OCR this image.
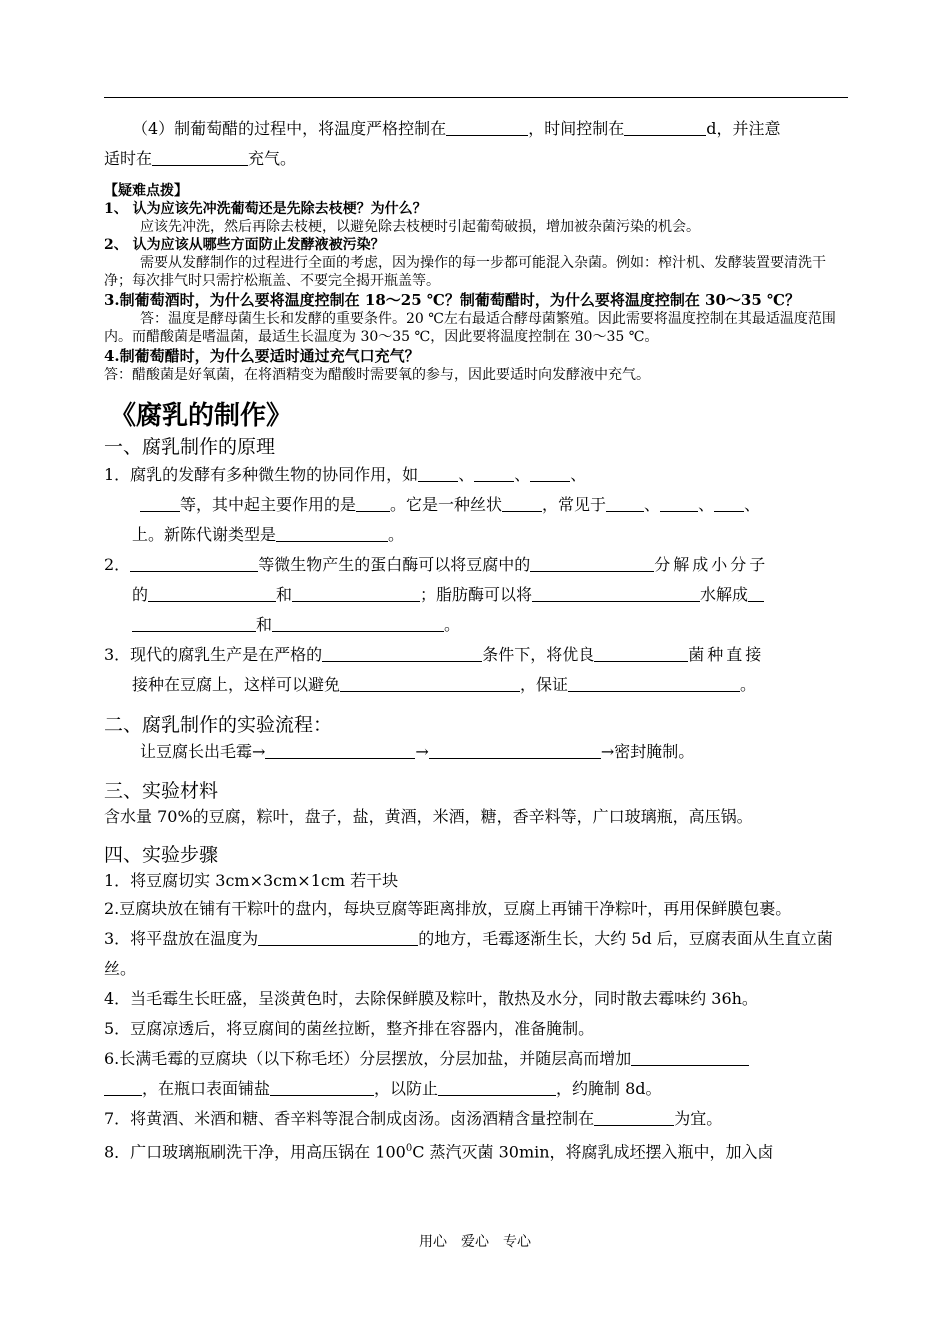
（4）制葡萄醋的过程中，将温度严格控制在	，时间控制在	d，并注意

适时在	充气。

【疑难点拨】

1、 认为应该先冲洗葡萄还是先除去枝梗？为什么？

应该先冲洗，然后再除去枝梗，以避免除去枝梗时引起葡萄破损，增加被杂菌污染的机会。

2、 认为应该从哪些方面防止发酵液被污染？

需要从发酵制作的过程进行全面的考虑，因为操作的每一步都可能混入杂菌。例如：榨汁机、发酵装置要清洗干净；每次排气时只需拧松瓶盖、不要完全揭开瓶盖等。

3.制葡萄酒时，为什么要将温度控制在 18～25 ℃？制葡萄醋时，为什么要将温度控制在 30～35 ℃？

答：温度是酵母菌生长和发酵的重要条件。20 ℃左右最适合酵母菌繁殖。因此需要将温度控制在其最适温度范围内。而醋酸菌是嗜温菌，最适生长温度为 30～35 ℃，因此要将温度控制在 30～35 ℃。

4.制葡萄醋时，为什么要适时通过充气口充气？

答：醋酸菌是好氧菌，在将酒精变为醋酸时需要氧的参与，因此要适时向发酵液中充气。

《腐乳的制作》

一、腐乳制作的原理

1．腐乳的发酵有多种微生物的协同作用，如	、	、	、

等，其中起主要作用的是 。它是一种丝状	，常见于 、 、 、

上。新陈代谢类型是	。

2．	等微生物产生的蛋白酶可以将豆腐中的	分解成小分子

的	和	；脂肪酶可以将	水解成

和	。

3．现代的腐乳生产是在严格的	条件下，将优良	菌种直接

接种在豆腐上，这样可以避免	，保证	。

二、腐乳制作的实验流程：

让豆腐长出毛霉→	→	→密封腌制。

三、实验材料

含水量 70%的豆腐，粽叶，盘子，盐，黄酒，米酒，糖，香辛料等，广口玻璃瓶，高压锅。

四、实验步骤

1．将豆腐切实 3cm×3cm×1cm 若干块

2.豆腐块放在铺有干粽叶的盘内，每块豆腐等距离排放，豆腐上再铺干净粽叶，再用保鲜膜包裹。

3．将平盘放在温度为	的地方，毛霉逐渐生长，大约 5d 后，豆腐表面从生直立菌丝。

4．当毛霉生长旺盛，呈淡黄色时，去除保鲜膜及粽叶，散热及水分，同时散去霉味约 36h。

5．豆腐凉透后，将豆腐间的菌丝拉断，整齐排在容器内，准备腌制。

6.长满毛霉的豆腐块（以下称毛坯）分层摆放，分层加盐，并随层高而增加
，在瓶口表面铺盐	，以防止	，约腌制 8d。

7．将黄酒、米酒和糖、香辛料等混合制成卤汤。卤汤酒精含量控制在	为宜。

8．广口玻璃瓶刷洗干净，用高压锅在 $100^0C$ 蒸汽灭菌 30min，将腐乳成坯摆入瓶中，加入卤

用心　爱心　专心
